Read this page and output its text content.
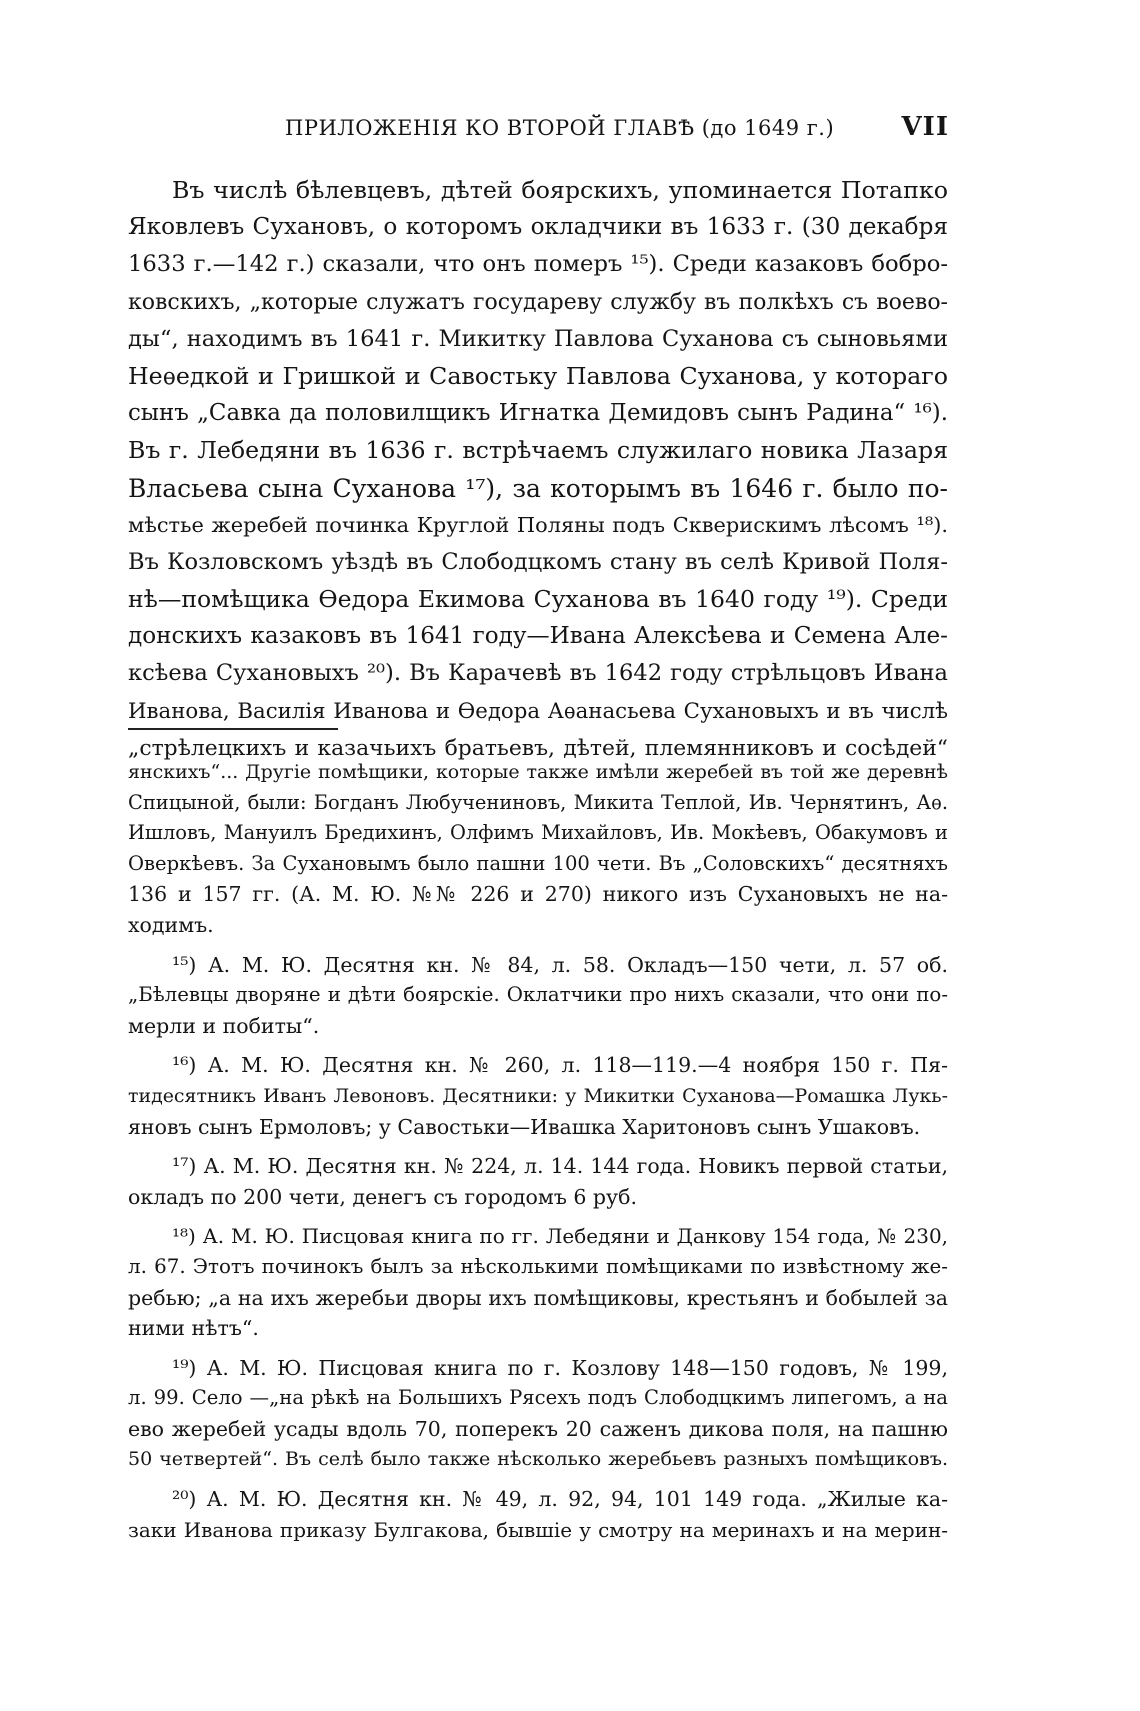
ПРИЛОЖЕНІЯ КО ВТОРОЙ ГЛАВѢ (до 1649 г.)	VII
Въ числѣ бѣлевцевъ, дѣтей боярскихъ, упоминается Потапко
Яковлевъ Сухановъ, о которомъ окладчики въ 1633 г. (30 декабря
1633 г.—142 г.) сказали, что онъ померъ ¹⁵). Среди казаковъ бобро-
ковскихъ, „которые служатъ государеву службу въ полкѣхъ съ воево-
ды“, находимъ въ 1641 г. Микитку Павлова Суханова съ сыновьями
Неѳедкой и Гришкой и Савостьку Павлова Суханова, у котораго
сынъ „Савка да половилщикъ Игнатка Демидовъ сынъ Радина“ ¹⁶).
Въ г. Лебедяни въ 1636 г. встрѣчаемъ служилаго новика Лазаря
Власьева сына Суханова ¹⁷), за которымъ въ 1646 г. было по-
мѣстье жеребей починка Круглой Поляны подъ Скверискимъ лѣсомъ ¹⁸).
Въ Козловскомъ уѣздѣ въ Слободцкомъ стану въ селѣ Кривой Поля-
нѣ—помѣщика Ѳедора Екимова Суханова въ 1640 году ¹⁹). Среди
донскихъ казаковъ въ 1641 году—Ивана Алексѣева и Семена Але-
ксѣева Сухановыхъ ²⁰). Въ Карачевѣ въ 1642 году стрѣльцовъ Ивана
Иванова, Василія Иванова и Ѳедора Аѳанасьева Сухановыхъ и въ числѣ
„стрѣлецкихъ и казачьихъ братьевъ, дѣтей, племянниковъ и сосѣдей“
янскихъ“... Другіе помѣщики, которые также имѣли жеребей въ той же деревнѣ
Спицыной, были: Богданъ Любучениновъ, Микита Теплой, Ив. Чернятинъ, Аѳ.
Ишловъ, Мануилъ Бредихинъ, Олфимъ Михайловъ, Ив. Мокѣевъ, Обакумовъ и
Оверкѣевъ. За Сухановымъ было пашни 100 чети. Въ „Соловскихъ“ десятняхъ
136 и 157 гг. (А. М. Ю. №№ 226 и 270) никого изъ Сухановыхъ не на-
ходимъ.
¹⁵) А. М. Ю. Десятня кн. № 84, л. 58. Окладъ—150 чети, л. 57 об.
„Бѣлевцы дворяне и дѣти боярскіе. Оклатчики про нихъ сказали, что они по-
мерли и побиты“.
¹⁶) А. М. Ю. Десятня кн. № 260, л. 118—119.—4 ноября 150 г. Пя-
тидесятникъ Иванъ Левоновъ. Десятники: у Микитки Суханова—Ромашка Лукь-
яновъ сынъ Ермоловъ; у Савостьки—Ивашка Харитоновъ сынъ Ушаковъ.
¹⁷) А. М. Ю. Десятня кн. № 224, л. 14. 144 года. Новикъ первой статьи,
окладъ по 200 чети, денегъ съ городомъ 6 руб.
¹⁸) А. М. Ю. Писцовая книга по гг. Лебедяни и Данкову 154 года, № 230,
л. 67. Этотъ починокъ былъ за нѣсколькими помѣщиками по извѣстному же-
ребью; „а на ихъ жеребьи дворы ихъ помѣщиковы, крестьянъ и бобылей за
ними нѣтъ“.
¹⁹) А. М. Ю. Писцовая книга по г. Козлову 148—150 годовъ, № 199,
л. 99. Село —„на рѣкѣ на Большихъ Рясехъ подъ Слободцкимъ липегомъ, а на
ево жеребей усады вдоль 70, поперекъ 20 саженъ дикова поля, на пашню
50 четвертей“. Въ селѣ было также нѣсколько жеребьевъ разныхъ помѣщиковъ.
²⁰) А. М. Ю. Десятня кн. № 49, л. 92, 94, 101 149 года. „Жилые ка-
заки Иванова приказу Булгакова, бывшіе у смотру на меринахъ и на мерин-
